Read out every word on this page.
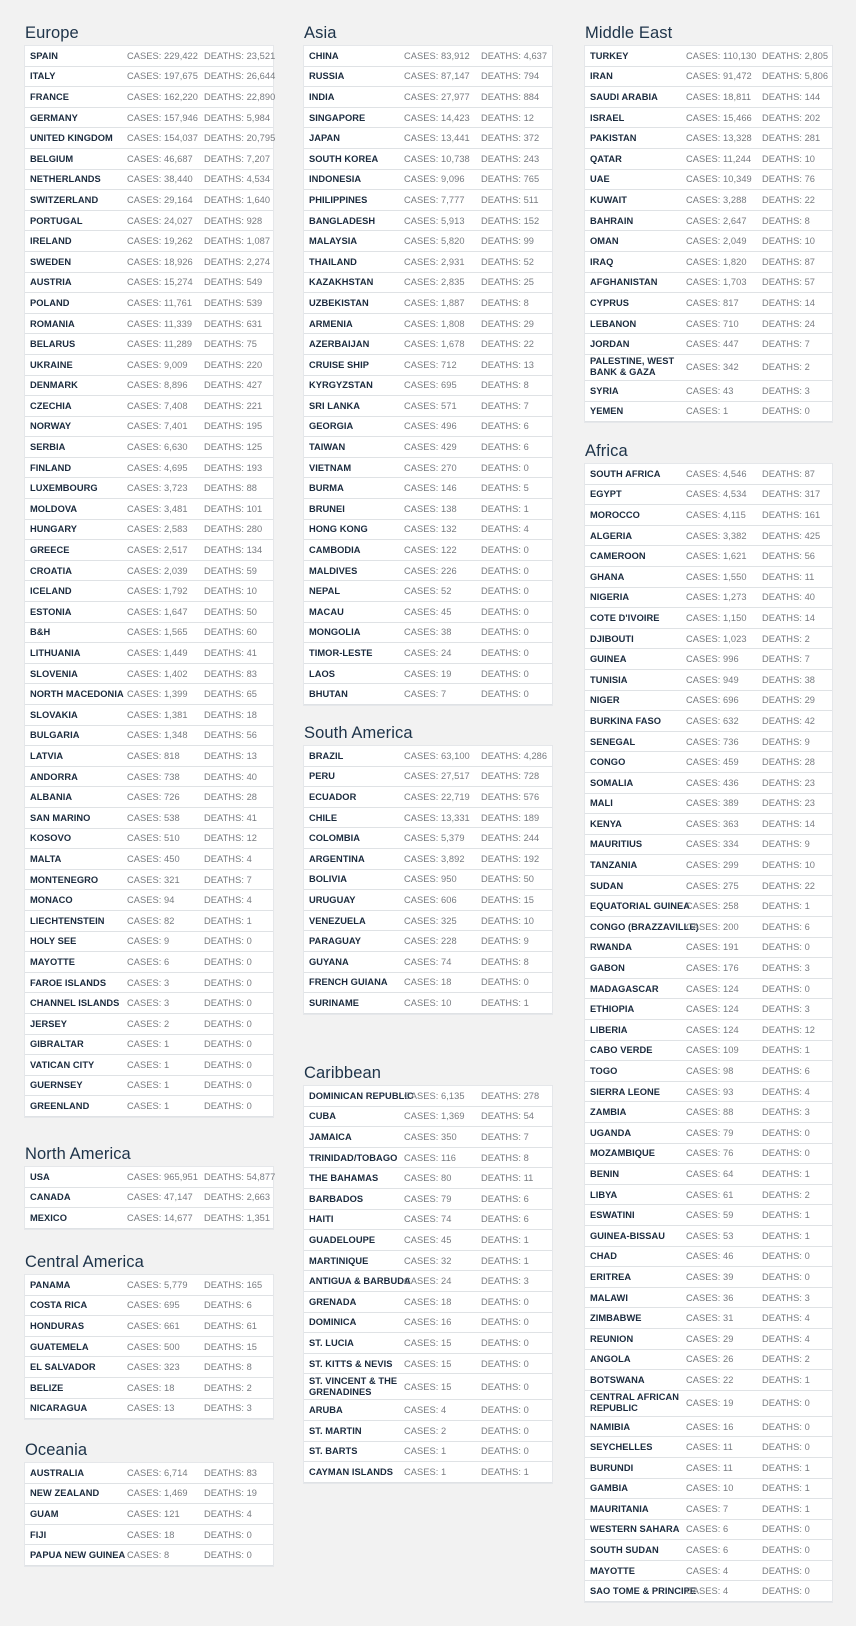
Europe
SPAIN	CASES: 229,422 DEATHS: 23,521
ITALY	CASES: 197,675 DEATHS: 26,644
FRANCE	CASES: 162,220 DEATHS: 22,890
GERMANY	CASES: 157,946 DEATHS: 5,984
UNITED KINGDOM	CASES: 154,037 DEATHS: 20,795
BELGIUM	CASES: 46,687	DEATHS: 7,207
NETHERLANDS	CASES: 38,440	DEATHS: 4,534
SWITZERLAND	CASES: 29,164	DEATHS: 1,640
PORTUGAL	CASES: 24,027	DEATHS: 928
IRELAND	CASES: 19,262	DEATHS: 1,087
SWEDEN	CASES: 18,926	DEATHS: 2,274
AUSTRIA	CASES: 15,274	DEATHS: 549
POLAND	CASES: 11,761	DEATHS: 539
ROMANIA	CASES: 11,339	DEATHS: 631
BELARUS	CASES: 11,289	DEATHS: 75
UKRAINE	CASES: 9,009	DEATHS: 220
DENMARK	CASES: 8,896	DEATHS: 427
CZECHIA	CASES: 7,408	DEATHS: 221
NORWAY	CASES: 7,401	DEATHS: 195
SERBIA	CASES: 6,630	DEATHS: 125
FINLAND	CASES: 4,695	DEATHS: 193
LUXEMBOURG	CASES: 3,723	DEATHS: 88
MOLDOVA	CASES: 3,481	DEATHS: 101
HUNGARY	CASES: 2,583	DEATHS: 280
GREECE	CASES: 2,517	DEATHS: 134
CROATIA	CASES: 2,039	DEATHS: 59
ICELAND	CASES: 1,792	DEATHS: 10
ESTONIA	CASES: 1,647	DEATHS: 50
B&H	CASES: 1,565	DEATHS: 60
LITHUANIA	CASES: 1,449	DEATHS: 41
SLOVENIA	CASES: 1,402	DEATHS: 83
NORTH MACEDONIA CASES: 1,399	DEATHS: 65
SLOVAKIA	CASES: 1,381	DEATHS: 18
BULGARIA	CASES: 1,348	DEATHS: 56
LATVIA	CASES: 818	DEATHS: 13
ANDORRA	CASES: 738	DEATHS: 40
ALBANIA	CASES: 726	DEATHS: 28
SAN MARINO	CASES: 538	DEATHS: 41
KOSOVO	CASES: 510	DEATHS: 12
MALTA	CASES: 450	DEATHS: 4
MONTENEGRO	CASES: 321	DEATHS: 7
MONACO	CASES: 94	DEATHS: 4
LIECHTENSTEIN	CASES: 82	DEATHS: 1
HOLY SEE	CASES: 9	DEATHS: 0
MAYOTTE	CASES: 6	DEATHS: 0
FAROE ISLANDS	CASES: 3	DEATHS: 0
CHANNEL ISLANDS CASES: 3	DEATHS: 0
JERSEY	CASES: 2	DEATHS: 0
GIBRALTAR	CASES: 1	DEATHS: 0
VATICAN CITY	CASES: 1	DEATHS: 0
GUERNSEY	CASES: 1	DEATHS: 0
GREENLAND	CASES: 1	DEATHS: 0
North America
USA	CASES: 965,951 DEATHS: 54,877
CANADA	CASES: 47,147	DEATHS: 2,663
MEXICO	CASES: 14,677	DEATHS: 1,351
Central America
PANAMA	CASES: 5,779	DEATHS: 165
COSTA RICA	CASES: 695	DEATHS: 6
HONDURAS	CASES: 661	DEATHS: 61
GUATEMELA	CASES: 500	DEATHS: 15
EL SALVADOR	CASES: 323	DEATHS: 8
BELIZE	CASES: 18	DEATHS: 2
NICARAGUA	CASES: 13	DEATHS: 3
Oceania
AUSTRALIA	CASES: 6,714	DEATHS: 83
NEW ZEALAND	CASES: 1,469	DEATHS: 19
GUAM	CASES: 121	DEATHS: 4
FIJI	CASES: 18	DEATHS: 0
PAPUA NEW GUINEA CASES: 8	DEATHS: 0
Asia
CHINA	CASES: 83,912	DEATHS: 4,637
RUSSIA	CASES: 87,147	DEATHS: 794
INDIA	CASES: 27,977	DEATHS: 884
SINGAPORE	CASES: 14,423	DEATHS: 12
JAPAN	CASES: 13,441	DEATHS: 372
SOUTH KOREA	CASES: 10,738	DEATHS: 243
INDONESIA	CASES: 9,096	DEATHS: 765
PHILIPPINES	CASES: 7,777	DEATHS: 511
BANGLADESH	CASES: 5,913	DEATHS: 152
MALAYSIA	CASES: 5,820	DEATHS: 99
THAILAND	CASES: 2,931	DEATHS: 52
KAZAKHSTAN	CASES: 2,835	DEATHS: 25
UZBEKISTAN	CASES: 1,887	DEATHS: 8
ARMENIA	CASES: 1,808	DEATHS: 29
AZERBAIJAN	CASES: 1,678	DEATHS: 22
CRUISE SHIP	CASES: 712	DEATHS: 13
KYRGYZSTAN	CASES: 695	DEATHS: 8
SRI LANKA	CASES: 571	DEATHS: 7
GEORGIA	CASES: 496	DEATHS: 6
TAIWAN	CASES: 429	DEATHS: 6
VIETNAM	CASES: 270	DEATHS: 0
BURMA	CASES: 146	DEATHS: 5
BRUNEI	CASES: 138	DEATHS: 1
HONG KONG	CASES: 132	DEATHS: 4
CAMBODIA	CASES: 122	DEATHS: 0
MALDIVES	CASES: 226	DEATHS: 0
NEPAL	CASES: 52	DEATHS: 0
MACAU	CASES: 45	DEATHS: 0
MONGOLIA	CASES: 38	DEATHS: 0
TIMOR-LESTE	CASES: 24	DEATHS: 0
LAOS	CASES: 19	DEATHS: 0
BHUTAN	CASES: 7	DEATHS: 0
South America
BRAZIL	CASES: 63,100	DEATHS: 4,286
PERU	CASES: 27,517	DEATHS: 728
ECUADOR	CASES: 22,719	DEATHS: 576
CHILE	CASES: 13,331	DEATHS: 189
COLOMBIA	CASES: 5,379	DEATHS: 244
ARGENTINA	CASES: 3,892	DEATHS: 192
BOLIVIA	CASES: 950	DEATHS: 50
URUGUAY	CASES: 606	DEATHS: 15
VENEZUELA	CASES: 325	DEATHS: 10
PARAGUAY	CASES: 228	DEATHS: 9
GUYANA	CASES: 74	DEATHS: 8
FRENCH GUIANA	CASES: 18	DEATHS: 0
SURINAME	CASES: 10	DEATHS: 1
Caribbean
DOMINICAN REPUBLIC
CASES: 6,135	DEATHS: 278
CUBA	CASES: 1,369	DEATHS: 54
JAMAICA	CASES: 350	DEATHS: 7
TRINIDAD/TOBAGO CASES: 116	DEATHS: 8
THE BAHAMAS	CASES: 80	DEATHS: 11
BARBADOS	CASES: 79	DEATHS: 6
HAITI	CASES: 74	DEATHS: 6
GUADELOUPE	CASES: 45	DEATHS: 1
MARTINIQUE	CASES: 32	DEATHS: 1
ANTIGUA & BARBUDA
CASES: 24	DEATHS: 3
GRENADA	CASES: 18	DEATHS: 0
DOMINICA	CASES: 16	DEATHS: 0
ST. LUCIA	CASES: 15	DEATHS: 0
ST. KITTS & NEVIS	CASES: 15	DEATHS: 0
ST. VINCENT & THE GRENADINES	CASES: 15	DEATHS: 0
ARUBA	CASES: 4	DEATHS: 0
ST. MARTIN	CASES: 2	DEATHS: 0
ST. BARTS	CASES: 1	DEATHS: 0
CAYMAN ISLANDS	CASES: 1	DEATHS: 1
Middle East
TURKEY	CASES: 110,130 DEATHS: 2,805
IRAN	CASES: 91,472	DEATHS: 5,806
SAUDI ARABIA	CASES: 18,811	DEATHS: 144
ISRAEL	CASES: 15,466	DEATHS: 202
PAKISTAN	CASES: 13,328	DEATHS: 281
QATAR	CASES: 11,244	DEATHS: 10
UAE	CASES: 10,349	DEATHS: 76
KUWAIT	CASES: 3,288	DEATHS: 22
BAHRAIN	CASES: 2,647	DEATHS: 8
OMAN	CASES: 2,049	DEATHS: 10
IRAQ	CASES: 1,820	DEATHS: 87
AFGHANISTAN	CASES: 1,703	DEATHS: 57
CYPRUS	CASES: 817	DEATHS: 14
LEBANON	CASES: 710	DEATHS: 24
JORDAN	CASES: 447	DEATHS: 7
PALESTINE, WEST BANK & GAZA	CASES: 342	DEATHS: 2
SYRIA	CASES: 43	DEATHS: 3
YEMEN	CASES: 1	DEATHS: 0
Africa
SOUTH AFRICA	CASES: 4,546	DEATHS: 87
EGYPT	CASES: 4,534	DEATHS: 317
MOROCCO	CASES: 4,115	DEATHS: 161
ALGERIA	CASES: 3,382	DEATHS: 425
CAMEROON	CASES: 1,621	DEATHS: 56
GHANA	CASES: 1,550	DEATHS: 11
NIGERIA	CASES: 1,273	DEATHS: 40
COTE D'IVOIRE	CASES: 1,150	DEATHS: 14
DJIBOUTI	CASES: 1,023	DEATHS: 2
GUINEA	CASES: 996	DEATHS: 7
TUNISIA	CASES: 949	DEATHS: 38
NIGER	CASES: 696	DEATHS: 29
BURKINA FASO	CASES: 632	DEATHS: 42
SENEGAL	CASES: 736	DEATHS: 9
CONGO	CASES: 459	DEATHS: 28
SOMALIA	CASES: 436	DEATHS: 23
MALI	CASES: 389	DEATHS: 23
KENYA	CASES: 363	DEATHS: 14
MAURITIUS	CASES: 334	DEATHS: 9
TANZANIA	CASES: 299	DEATHS: 10
SUDAN	CASES: 275	DEATHS: 22
EQUATORIAL GUINEA
CASES: 258	DEATHS: 1
CONGO (BRAZZAVILLE)
CASES: 200	DEATHS: 6
RWANDA	CASES: 191	DEATHS: 0
GABON	CASES: 176	DEATHS: 3
MADAGASCAR	CASES: 124	DEATHS: 0
ETHIOPIA	CASES: 124	DEATHS: 3
LIBERIA	CASES: 124	DEATHS: 12
CABO VERDE	CASES: 109	DEATHS: 1
TOGO	CASES: 98	DEATHS: 6
SIERRA LEONE	CASES: 93	DEATHS: 4
ZAMBIA	CASES: 88	DEATHS: 3
UGANDA	CASES: 79	DEATHS: 0
MOZAMBIQUE	CASES: 76	DEATHS: 0
BENIN	CASES: 64	DEATHS: 1
LIBYA	CASES: 61	DEATHS: 2
ESWATINI	CASES: 59	DEATHS: 1
GUINEA-BISSAU	CASES: 53	DEATHS: 1
CHAD	CASES: 46	DEATHS: 0
ERITREA	CASES: 39	DEATHS: 0
MALAWI	CASES: 36	DEATHS: 3
ZIMBABWE	CASES: 31	DEATHS: 4
REUNION	CASES: 29	DEATHS: 4
ANGOLA	CASES: 26	DEATHS: 2
BOTSWANA	CASES: 22	DEATHS: 1
CENTRAL AFRICAN REPUBLIC	CASES: 19	DEATHS: 0
NAMIBIA	CASES: 16	DEATHS: 0
SEYCHELLES	CASES: 11	DEATHS: 0
BURUNDI	CASES: 11	DEATHS: 1
GAMBIA	CASES: 10	DEATHS: 1
MAURITANIA	CASES: 7	DEATHS: 1
WESTERN SAHARA CASES: 6	DEATHS: 0
SOUTH SUDAN	CASES: 6	DEATHS: 0
MAYOTTE	CASES: 4	DEATHS: 0
SAO TOME & PRINCIPE
CASES: 4	DEATHS: 0
